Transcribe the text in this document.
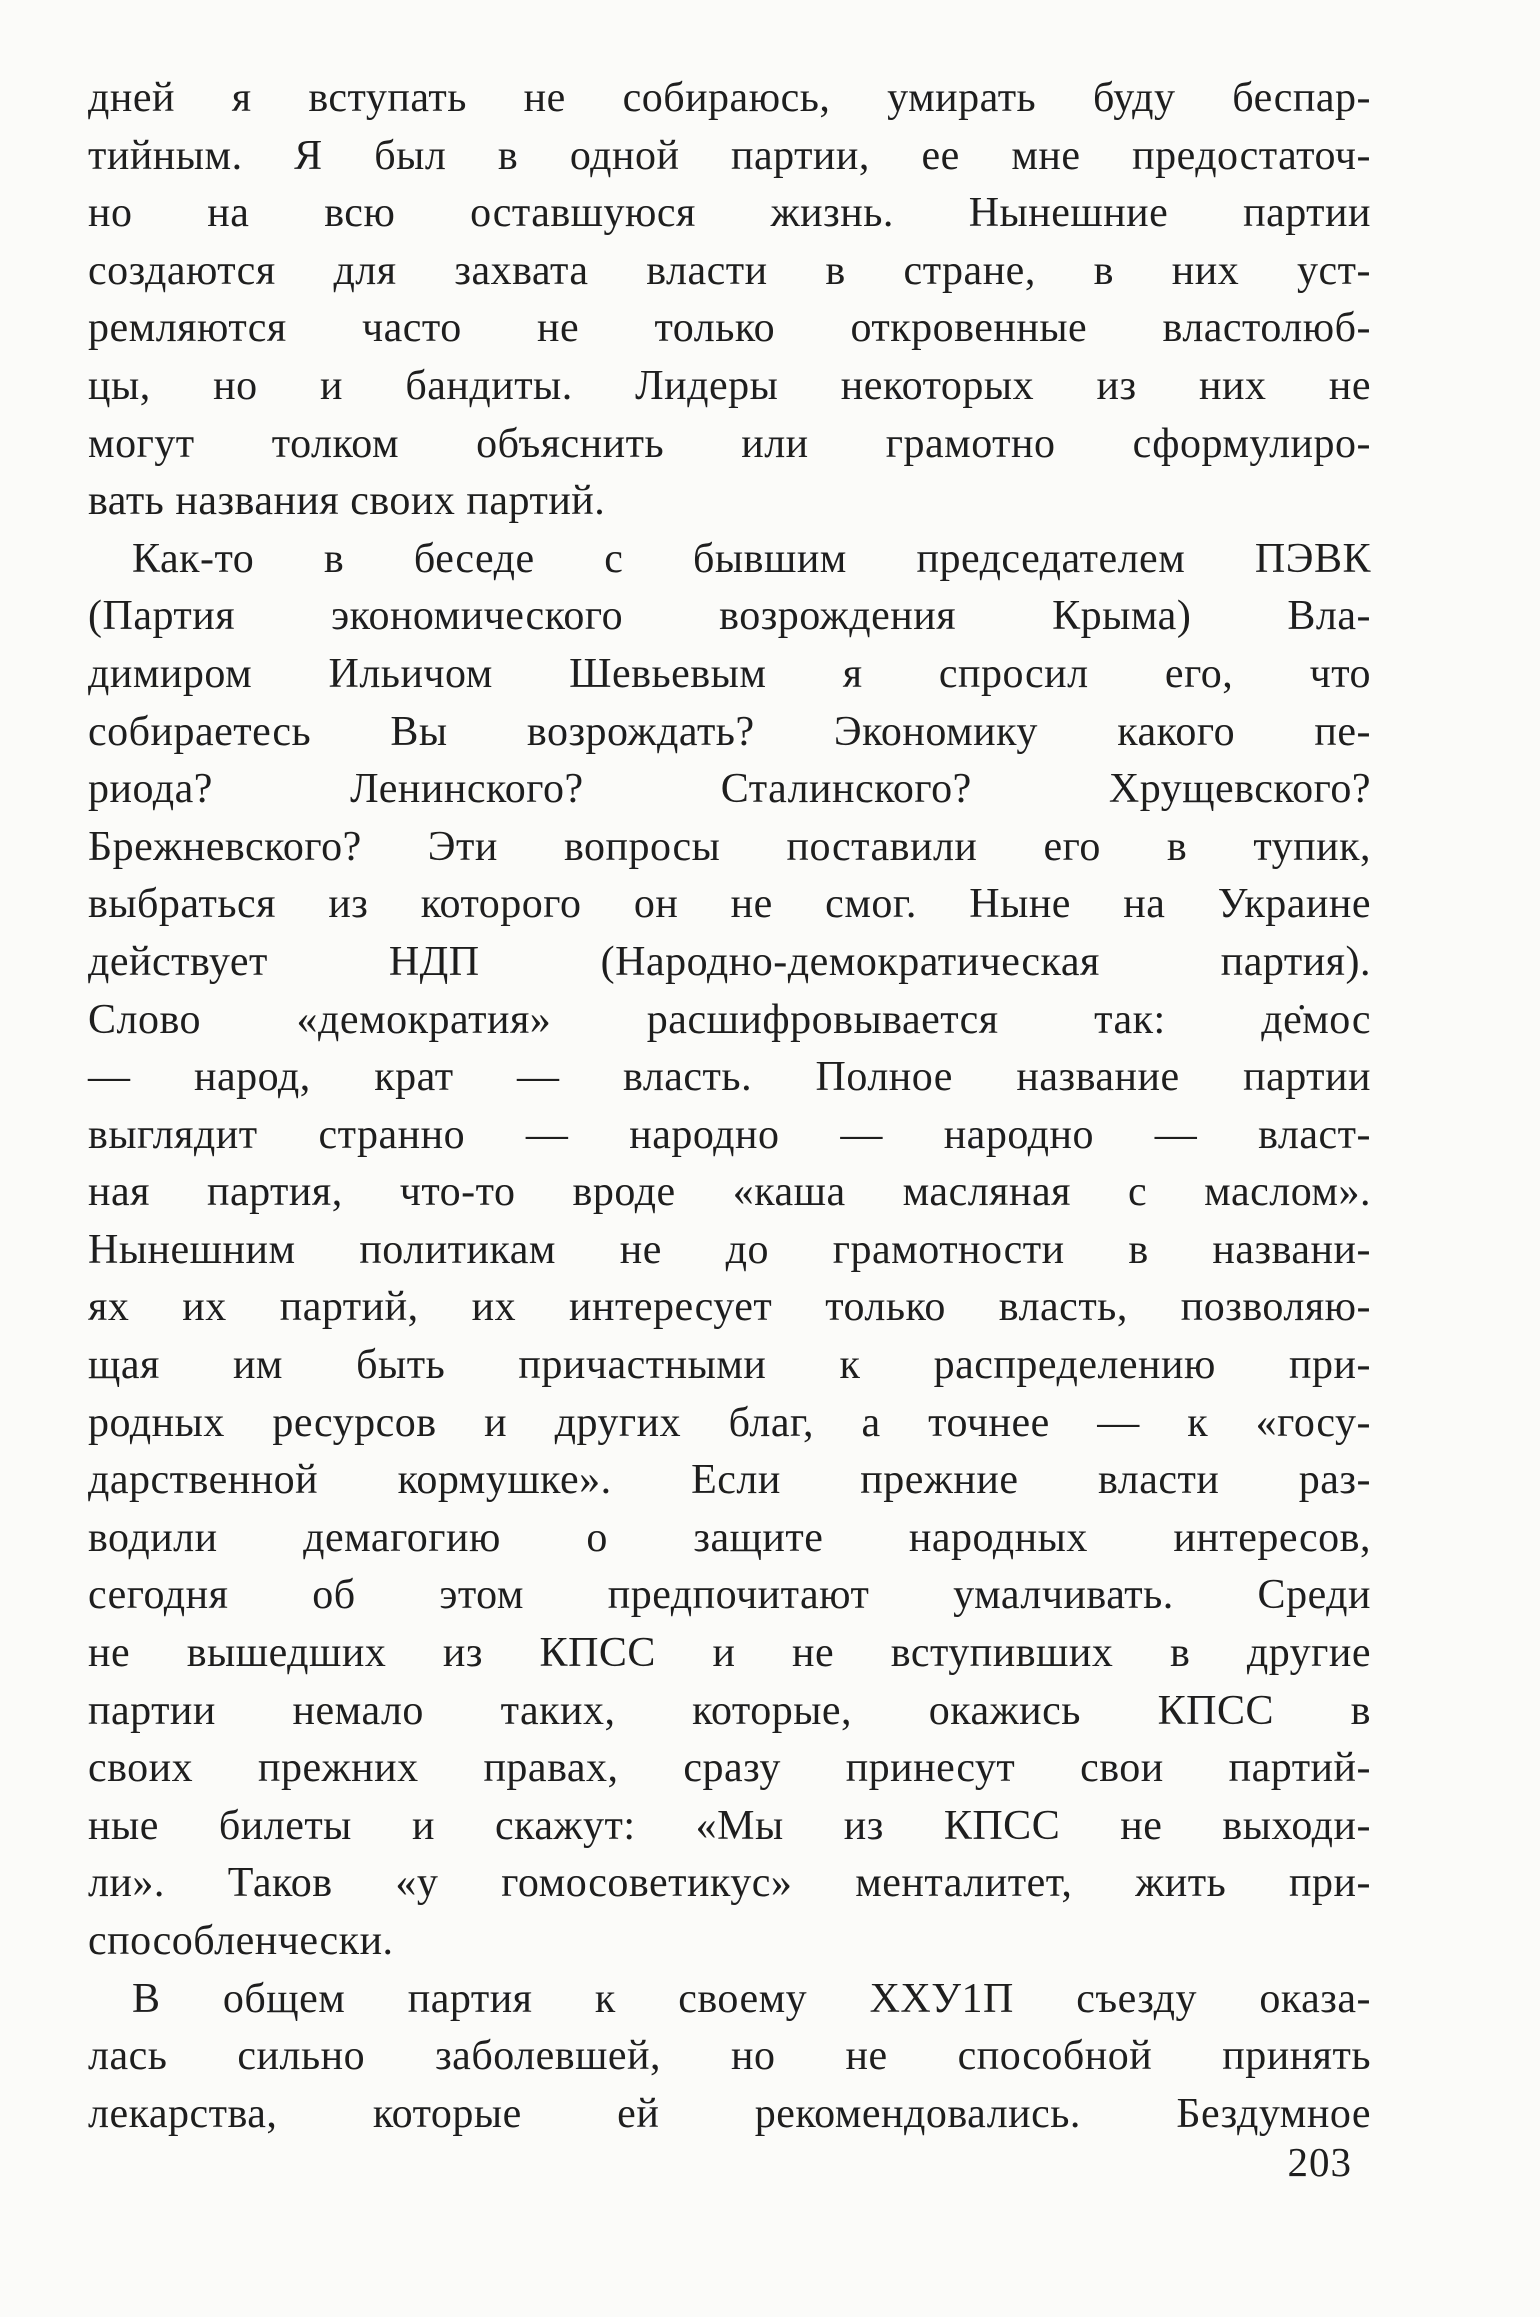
дней я вступать не собираюсь, умирать буду беспар-
тийным. Я был в одной партии, ее мне предостаточ-
но на всю оставшуюся жизнь. Нынешние партии
создаются для захвата власти в стране, в них уст-
ремляются часто не только откровенные властолюб-
цы, но и бандиты. Лидеры некоторых из них не
могут толком объяснить или грамотно сформулиро-
вать названия своих партий.
Как-то в беседе с бывшим председателем ПЭВК
(Партия экономического возрождения Крыма) Вла-
димиром Ильичом Шевьевым я спросил его, что
собираетесь Вы возрождать? Экономику какого пе-
риода? Ленинского? Сталинского? Хрущевского?
Брежневского? Эти вопросы поставили его в тупик,
выбраться из которого он не смог. Ныне на Украине
действует НДП (Народно-демократическая партия).
Слово «демократия» расшифровывается так: де̇мос
— народ, крат — власть. Полное название партии
выглядит странно — народно — народно — власт-
ная партия, что-то вроде «каша масляная с маслом».
Нынешним политикам не до грамотности в названи-
ях их партий, их интересует только власть, позволяю-
щая им быть причастными к распределению при-
родных ресурсов и других благ, а точнее — к «госу-
дарственной кормушке». Если прежние власти раз-
водили демагогию о защите народных интересов,
сегодня об этом предпочитают умалчивать. Среди
не вышедших из КПСС и не вступивших в другие
партии немало таких, которые, окажись КПСС в
своих прежних правах, сразу принесут свои партий-
ные билеты и скажут: «Мы из КПСС не выходи-
ли». Таков «у гомосоветикус» менталитет, жить при-
способленчески.
В общем партия к своему ХХУ1П съезду оказа-
лась сильно заболевшей, но не способной принять
лекарства, которые ей рекомендовались. Бездумное
203
